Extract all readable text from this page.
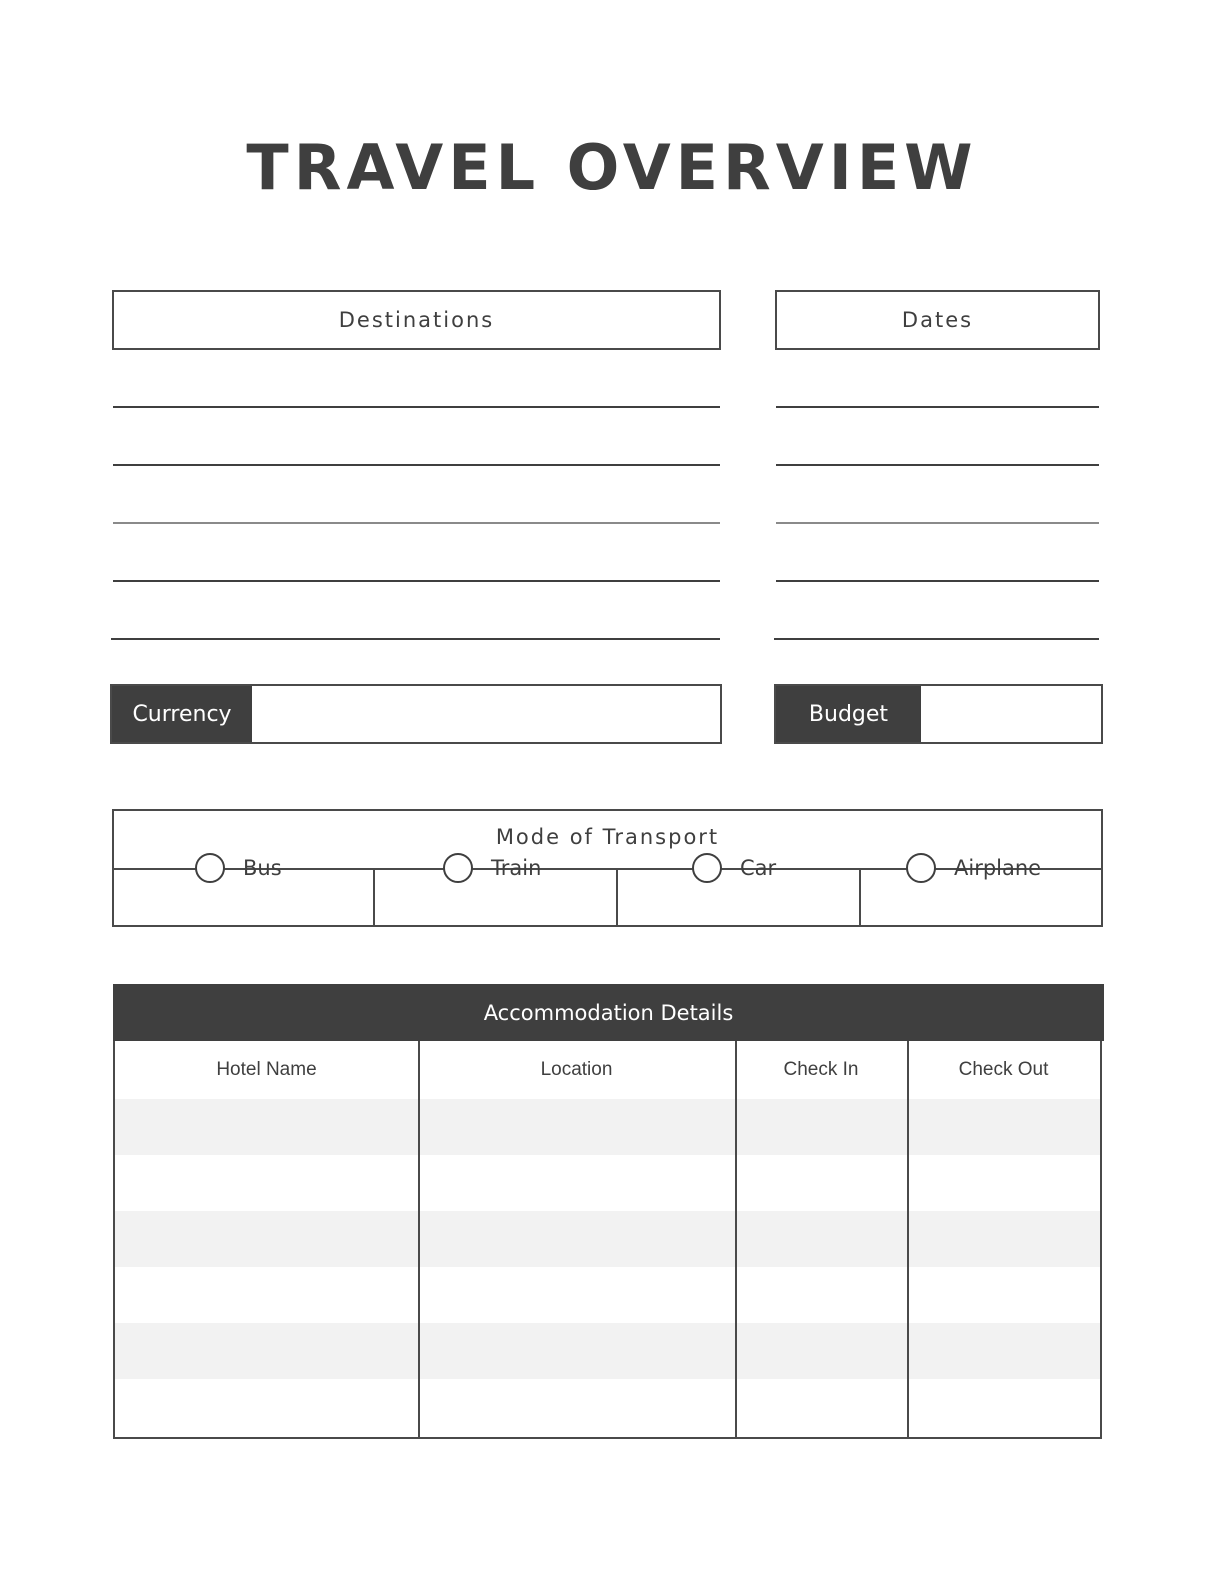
TRAVEL OVERVIEW
Destinations	Dates
Currency	Budget
Mode of Transport
Bus	Train	Car	Airplane
Accommodation Details
Hotel Name	Location	Check In	Check Out
